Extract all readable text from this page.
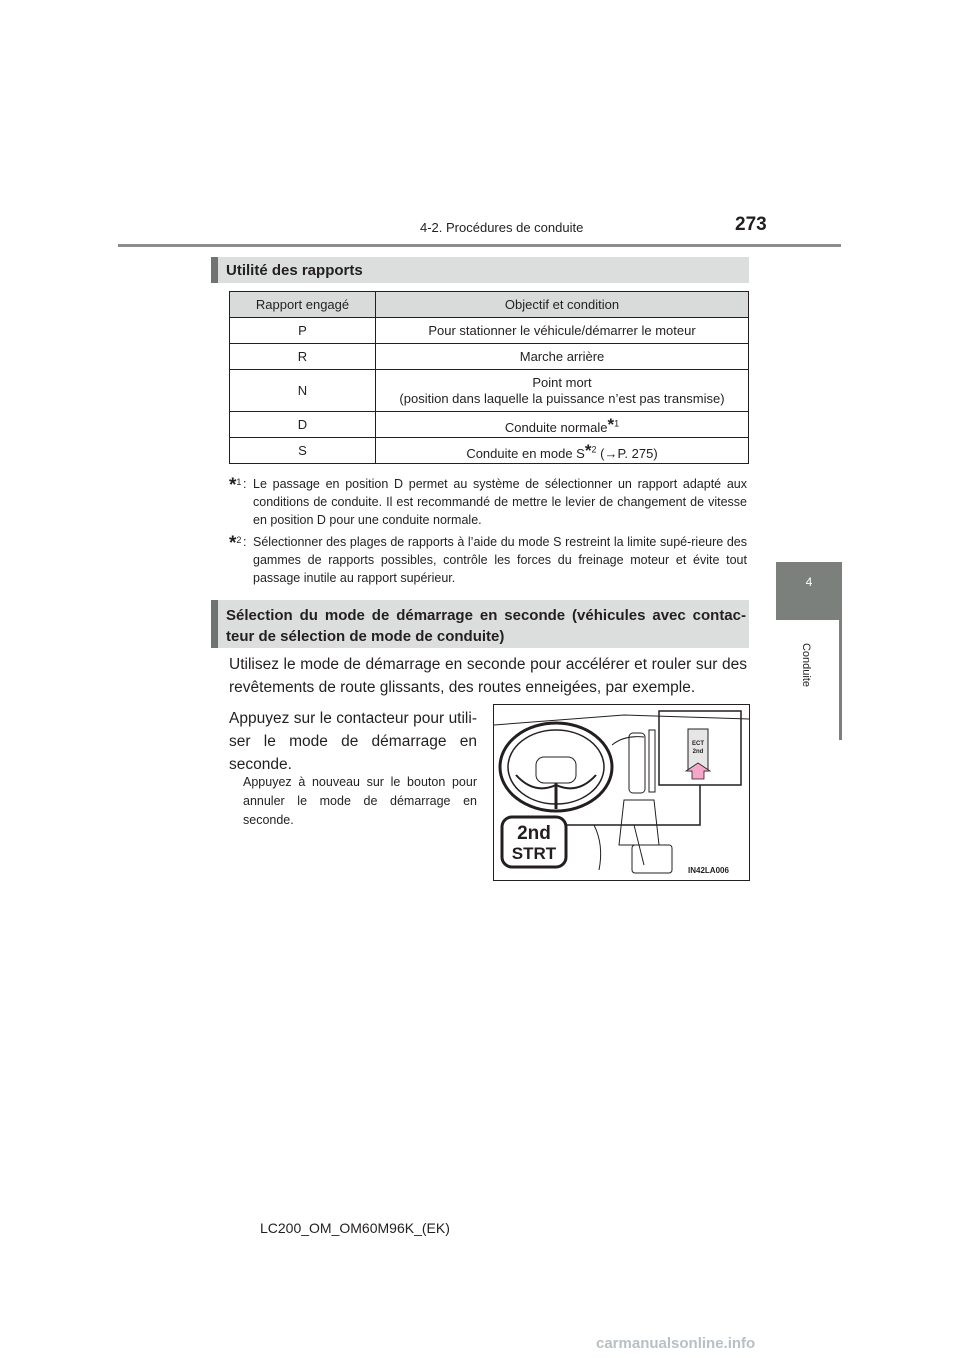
4-2. Procédures de conduite	273
4
Conduite
Utilité des rapports
Rapport engagé	Objectif et condition
P	Pour stationner le véhicule/démarrer le moteur
R	Marche arrière
N	Point mort
(position dans laquelle la puissance n’est pas transmise)
D	Conduite normale*$^1$
S	Conduite en mode S*$^2$ (→P. 275)
*$^1$ : Le passage en position D permet au système de sélectionner un rapport adapté aux conditions de conduite. Il est recommandé de mettre le levier de changement de vitesse en position D pour une conduite normale.
*$^2$ : Sélectionner des plages de rapports à l’aide du mode S restreint la limite supé-rieure des gammes de rapports possibles, contrôle les forces du freinage moteur et évite tout passage inutile au rapport supérieur.
Sélection du mode de démarrage en seconde (véhicules avec contac-teur de sélection de mode de conduite)
Utilisez le mode de démarrage en seconde pour accélérer et rouler sur des revêtements de route glissants, des routes enneigées, par exemple.
Appuyez sur le contacteur pour utili-ser le mode de démarrage en seconde.
Appuyez à nouveau sur le bouton pour annuler le mode de démarrage en seconde.
ECT
2nd
2nd
STRT
IN42LA006
LC200_OM_OM60M96K_(EK)
carmanualsonline.info
